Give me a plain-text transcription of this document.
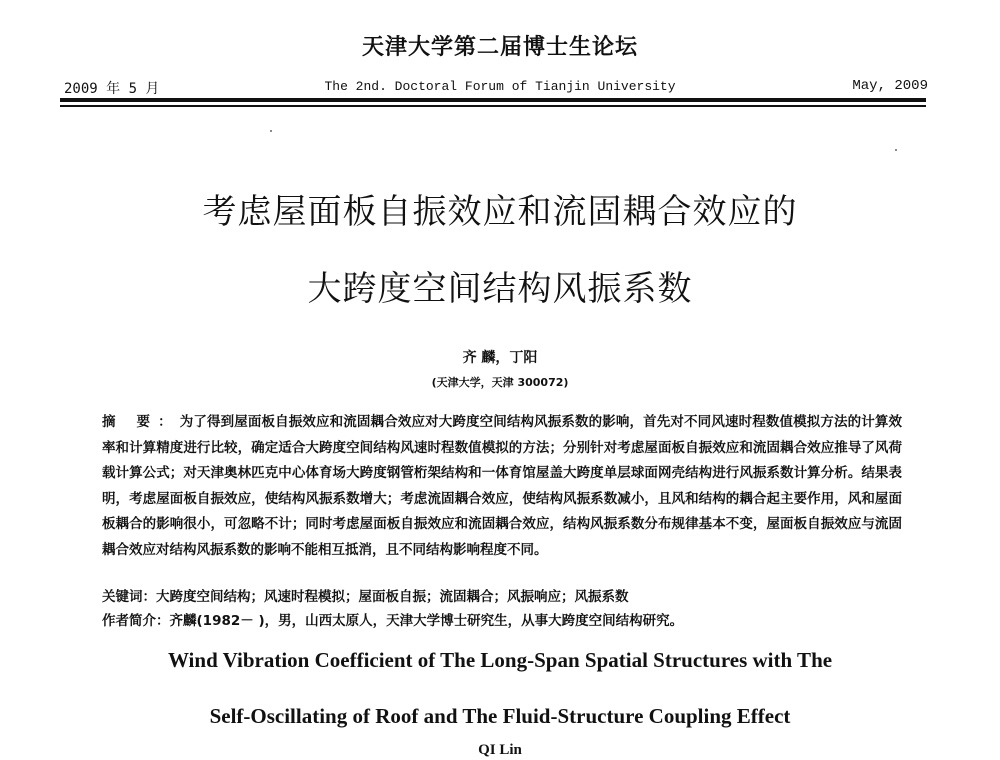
天津大学第二届博士生论坛
2009 年 5 月	The 2nd. Doctoral Forum of Tianjin University	May, 2009
考虑屋面板自振效应和流固耦合效应的
大跨度空间结构风振系数
齐 麟，丁阳
(天津大学，天津 300072)
摘 要：为了得到屋面板自振效应和流固耦合效应对大跨度空间结构风振系数的影响，首先对不同风速时程数值模拟方法的计算效率和计算精度进行比较，确定适合大跨度空间结构风速时程数值模拟的方法；分别针对考虑屋面板自振效应和流固耦合效应推导了风荷载计算公式；对天津奥林匹克中心体育场大跨度钢管桁架结构和一体育馆屋盖大跨度单层球面网壳结构进行风振系数计算分析。结果表明，考虑屋面板自振效应，使结构风振系数增大；考虑流固耦合效应，使结构风振系数减小，且风和结构的耦合起主要作用，风和屋面板耦合的影响很小，可忽略不计；同时考虑屋面板自振效应和流固耦合效应，结构风振系数分布规律基本不变，屋面板自振效应与流固耦合效应对结构风振系数的影响不能相互抵消，且不同结构影响程度不同。
关键词：大跨度空间结构；风速时程模拟；屋面板自振；流固耦合；风振响应；风振系数
作者简介：齐麟(1982－ )，男，山西太原人，天津大学博士研究生，从事大跨度空间结构研究。
Wind Vibration Coefficient of The Long-Span Spatial Structures with The
Self-Oscillating of Roof and The Fluid-Structure Coupling Effect
QI Lin
